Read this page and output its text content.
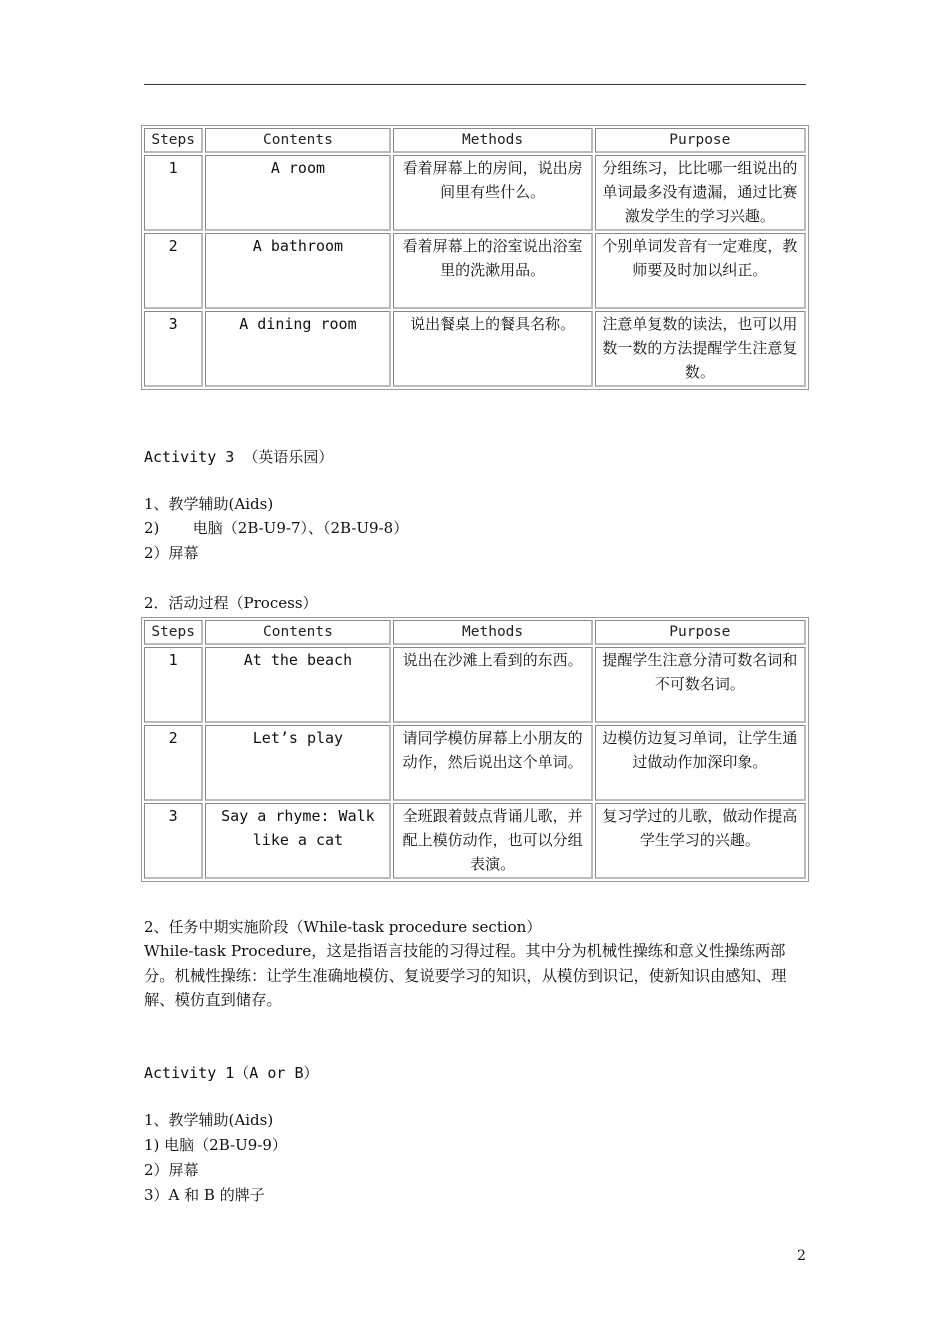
Steps	Contents	Methods	Purpose
1	A room	看着屏幕上的房间，说出房间里有些什么。	分组练习，比比哪一组说出的单词最多没有遗漏，通过比赛激发学生的学习兴趣。
2	A bathroom	看着屏幕上的浴室说出浴室里的洗漱用品。	个别单词发音有一定难度，教师要及时加以纠正。
3	A dining room	说出餐桌上的餐具名称。	注意单复数的读法，也可以用数一数的方法提醒学生注意复数。
Activity 3 （英语乐园）
1、教学辅助(Aids)
2)       电脑（2B-U9-7）、（2B-U9-8）
2）屏幕
2．活动过程（Process）
Steps	Contents	Methods	Purpose
1	At the beach	说出在沙滩上看到的东西。	提醒学生注意分清可数名词和不可数名词。
2	Let’s play	请同学模仿屏幕上小朋友的动作，然后说出这个单词。	边模仿边复习单词，让学生通过做动作加深印象。
3	Say a rhyme: Walk like a cat	全班跟着鼓点背诵儿歌，并配上模仿动作，也可以分组表演。	复习学过的儿歌，做动作提高学生学习的兴趣。
2、任务中期实施阶段（While-task procedure section）
While-task Procedure，这是指语言技能的习得过程。其中分为机械性操练和意义性操练两部分。机械性操练：让学生准确地模仿、复说要学习的知识，从模仿到识记，使新知识由感知、理解、模仿直到储存。
Activity 1（A or B）
1、教学辅助(Aids)
1) 电脑（2B-U9-9）
2）屏幕
3）A 和 B 的牌子
2
